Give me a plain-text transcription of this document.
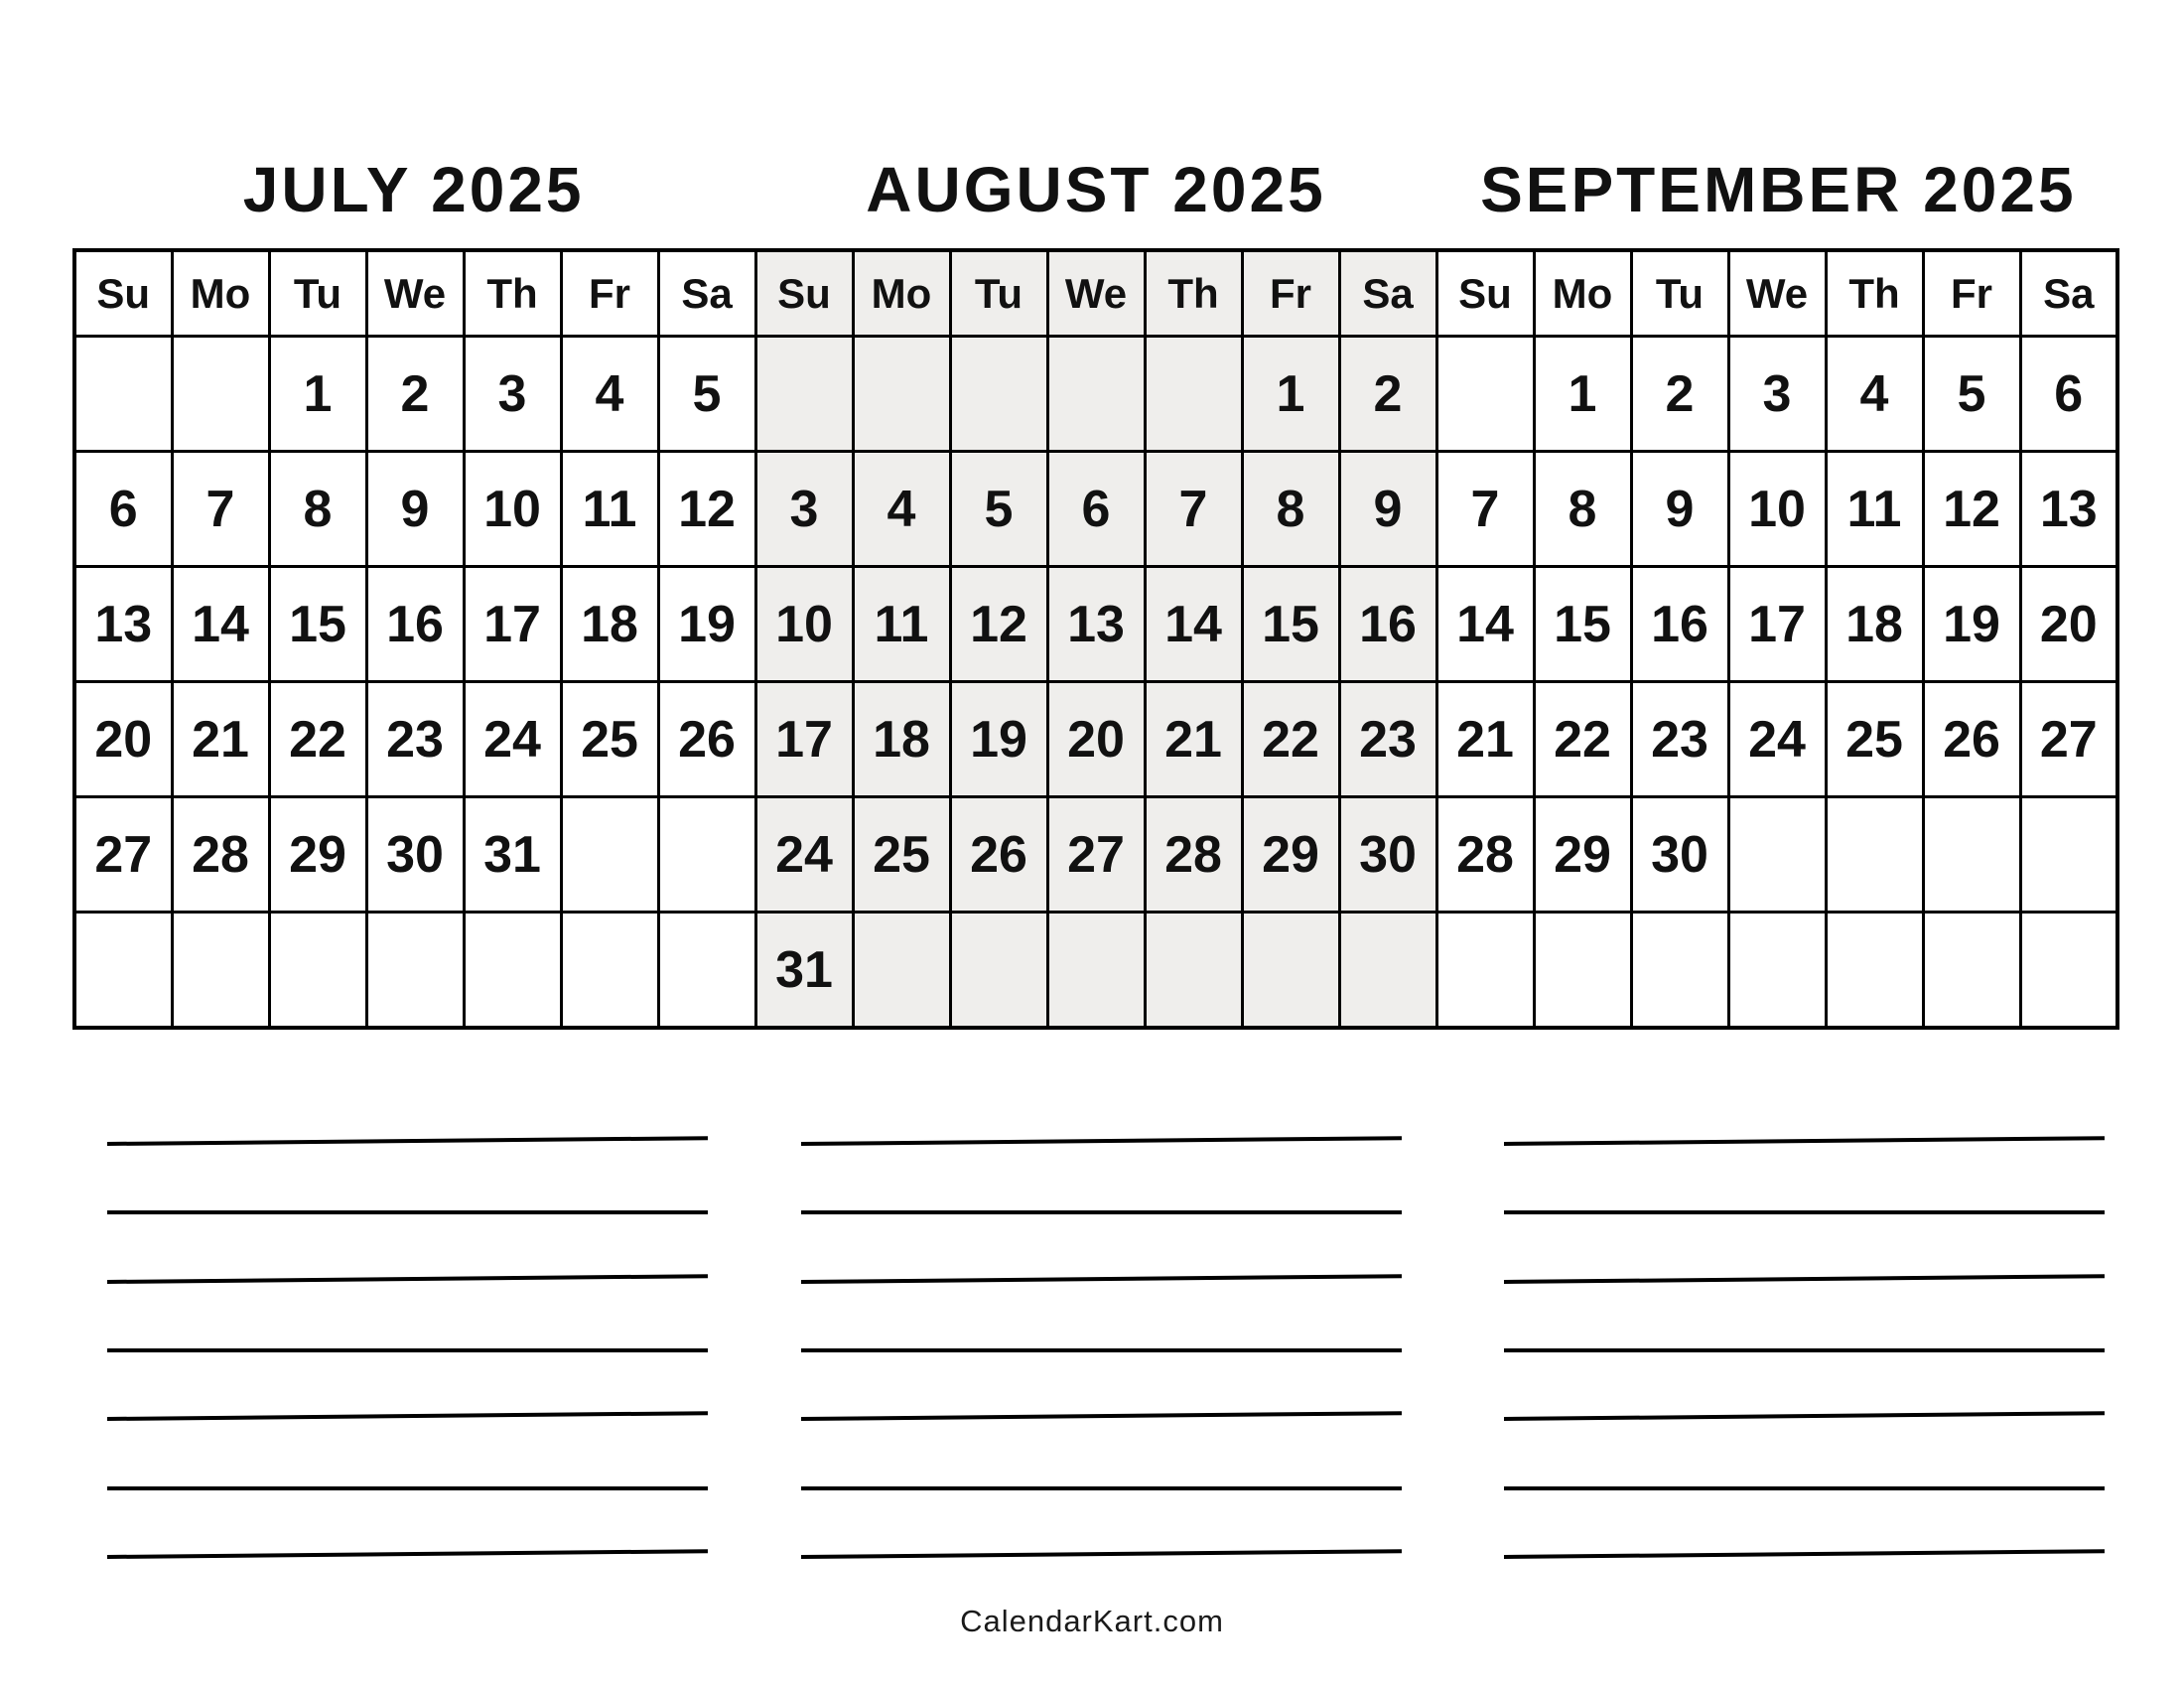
JULY 2025	AUGUST 2025	SEPTEMBER 2025
Su	Mo	Tu	We	Th	Fr	Sa	Su	Mo	Tu	We	Th	Fr	Sa	Su	Mo	Tu	We	Th	Fr	Sa
		1	2	3	4	5						1	2		1	2	3	4	5	6
6	7	8	9	10	11	12	3	4	5	6	7	8	9	7	8	9	10	11	12	13
13	14	15	16	17	18	19	10	11	12	13	14	15	16	14	15	16	17	18	19	20
20	21	22	23	24	25	26	17	18	19	20	21	22	23	21	22	23	24	25	26	27
27	28	29	30	31			24	25	26	27	28	29	30	28	29	30				
							31													
CalendarKart.com
